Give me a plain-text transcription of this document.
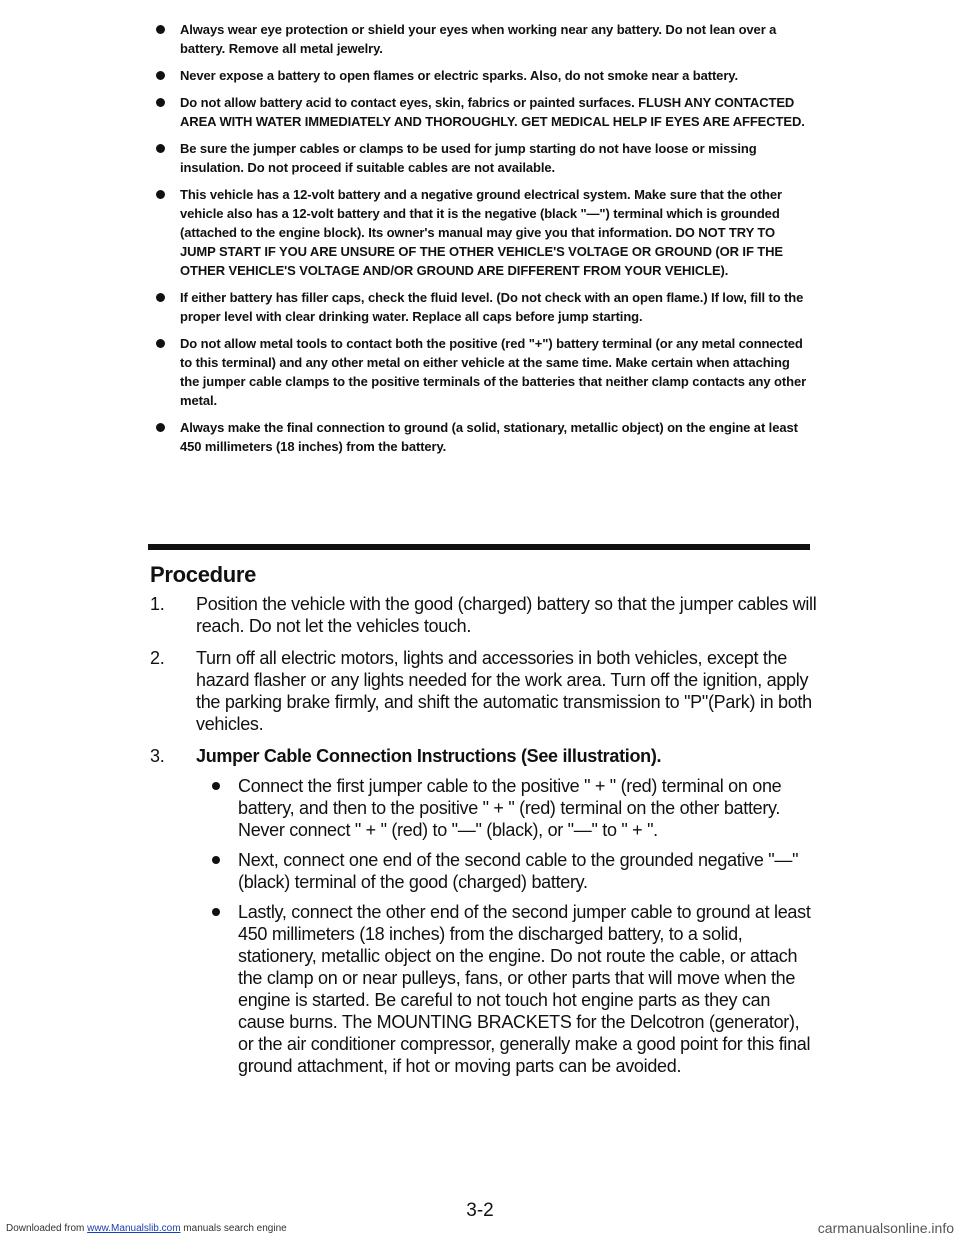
Always wear eye protection or shield your eyes when working near any battery. Do not lean over a battery. Remove all metal jewelry.

Never expose a battery to open flames or electric sparks. Also, do not smoke near a battery.

Do not allow battery acid to contact eyes, skin, fabrics or painted surfaces. FLUSH ANY CONTACTED AREA WITH WATER IMMEDIATELY AND THOROUGHLY. GET MEDICAL HELP IF EYES ARE AFFECTED.

Be sure the jumper cables or clamps to be used for jump starting do not have loose or missing insulation. Do not proceed if suitable cables are not available.

This vehicle has a 12-volt battery and a negative ground electrical system. Make sure that the other vehicle also has a 12-volt battery and that it is the negative (black "—") terminal which is grounded (attached to the engine block). Its owner's manual may give you that information. DO NOT TRY TO JUMP START IF YOU ARE UNSURE OF THE OTHER VEHICLE'S VOLTAGE OR GROUND (OR IF THE OTHER VEHICLE'S VOLTAGE AND/OR GROUND ARE DIFFERENT FROM YOUR VEHICLE).

If either battery has filler caps, check the fluid level. (Do not check with an open flame.) If low, fill to the proper level with clear drinking water. Replace all caps before jump starting.

Do not allow metal tools to contact both the positive (red "+") battery terminal (or any metal connected to this terminal) and any other metal on either vehicle at the same time. Make certain when attaching the jumper cable clamps to the positive terminals of the batteries that neither clamp contacts any other metal.

Always make the final connection to ground (a solid, stationary, metallic object) on the engine at least 450 millimeters (18 inches) from the battery.

Procedure
1. Position the vehicle with the good (charged) battery so that the jumper cables will reach. Do not let the vehicles touch.

2. Turn off all electric motors, lights and accessories in both vehicles, except the hazard flasher or any lights needed for the work area. Turn off the ignition, apply the parking brake firmly, and shift the automatic transmission to "P"(Park) in both vehicles.

3. Jumper Cable Connection Instructions (See illustration).

Connect the first jumper cable to the positive " + " (red) terminal on one battery, and then to the positive " + " (red) terminal on the other battery. Never connect " + " (red) to "—" (black), or "—" to " + ".

Next, connect one end of the second cable to the grounded negative "—" (black) terminal of the good (charged) battery.

Lastly, connect the other end of the second jumper cable to ground at least 450 millimeters (18 inches) from the discharged battery, to a solid, stationery, metallic object on the engine. Do not route the cable, or attach the clamp on or near pulleys, fans, or other parts that will move when the engine is started. Be careful to not touch hot engine parts as they can cause burns. The MOUNTING BRACKETS for the Delcotron (generator), or the air conditioner compressor, generally make a good point for this final ground attachment, if hot or moving parts can be avoided.

3-2
Downloaded from www.Manualslib.com manuals search engine	carmanualsonline.info
